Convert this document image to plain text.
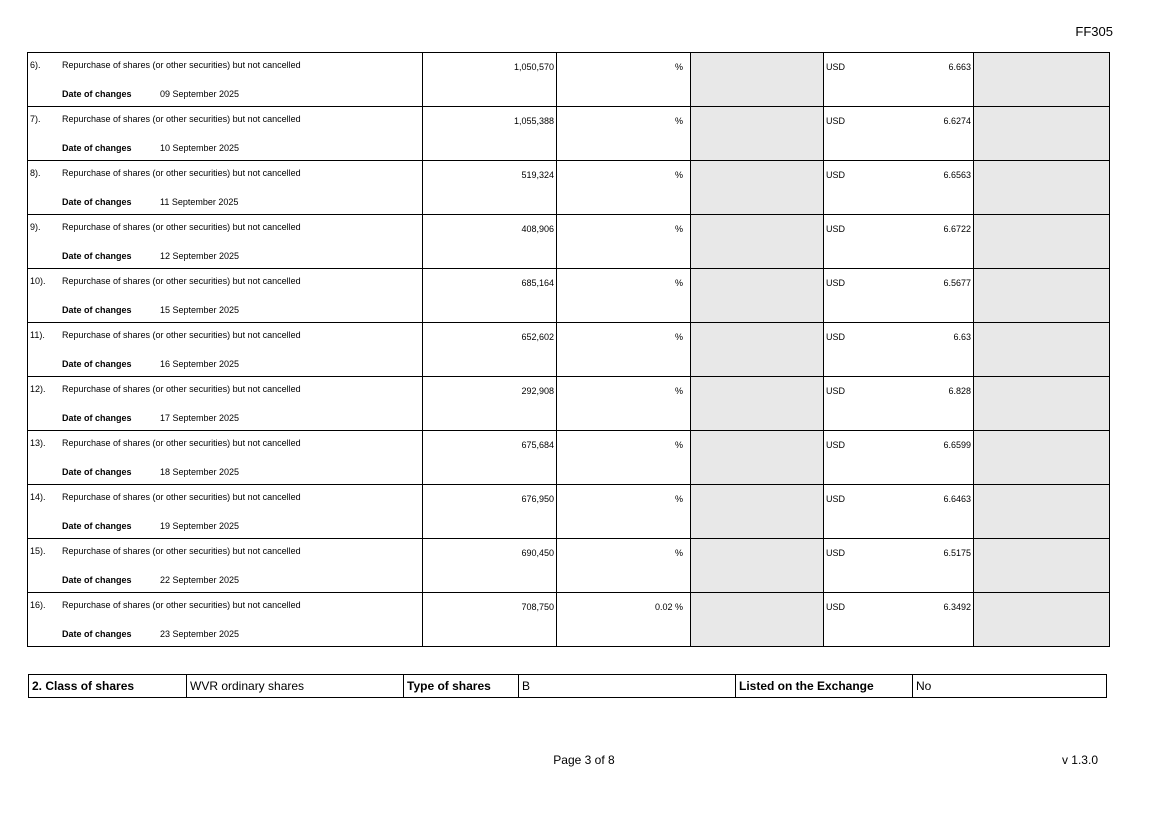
FF305
6). Repurchase of shares (or other securities) but not cancelled
Date of changes 09 September 2025	1,050,570	%		USD 6.663	

7). Repurchase of shares (or other securities) but not cancelled
Date of changes 10 September 2025	1,055,388	%		USD 6.6274	

8). Repurchase of shares (or other securities) but not cancelled
Date of changes 11 September 2025	519,324	%		USD 6.6563	

9). Repurchase of shares (or other securities) but not cancelled
Date of changes 12 September 2025	408,906	%		USD 6.6722	

10). Repurchase of shares (or other securities) but not cancelled
Date of changes 15 September 2025	685,164	%		USD 6.5677	

11). Repurchase of shares (or other securities) but not cancelled
Date of changes 16 September 2025	652,602	%		USD 6.63	

12). Repurchase of shares (or other securities) but not cancelled
Date of changes 17 September 2025	292,908	%		USD 6.828	

13). Repurchase of shares (or other securities) but not cancelled
Date of changes 18 September 2025	675,684	%		USD 6.6599	

14). Repurchase of shares (or other securities) but not cancelled
Date of changes 19 September 2025	676,950	%		USD 6.6463	

15). Repurchase of shares (or other securities) but not cancelled
Date of changes 22 September 2025	690,450	%		USD 6.5175	

16). Repurchase of shares (or other securities) but not cancelled
Date of changes 23 September 2025	708,750	0.02 %		USD 6.3492	

2. Class of shares	WVR ordinary shares	Type of shares	B	Listed on the Exchange	No
Page 3 of 8	v 1.3.0
